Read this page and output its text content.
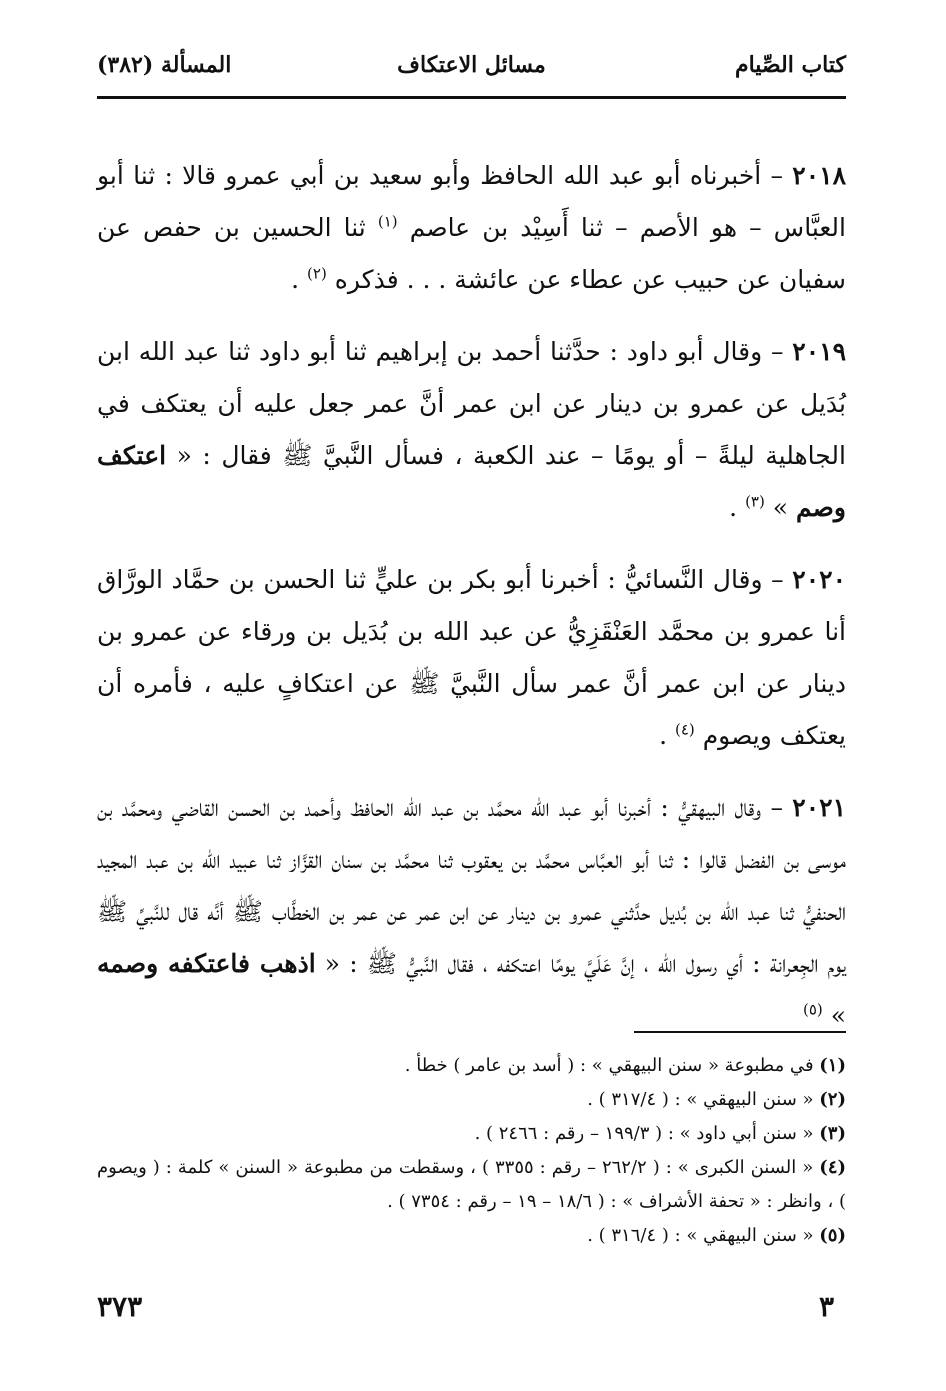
كتاب الصِّيام
مسائل الاعتكاف
المسألة (٣٨٢)

٢٠١٨ – أخبرناه أبو عبد الله الحافظ وأبو سعيد بن أبي عمرو قالا : ثنا أبو العبَّاس – هو الأصم – ثنا أَسِيْد بن عاصم $^{(١)}$ ثنا الحسين بن حفص عن سفيان عن حبيب عن عطاء عن عائشة . . . فذكره $^{(٢)}$ .

٢٠١٩ – وقال أبو داود : حدَّثنا أحمد بن إبراهيم ثنا أبو داود ثنا عبد الله ابن بُدَيل عن عمرو بن دينار عن ابن عمر أنَّ عمر جعل عليه أن يعتكف في الجاهلية ليلةً – أو يومًا – عند الكعبة ، فسأل النَّبيَّ ﷺ فقال : « اعتكف وصم » $^{(٣)}$ .

٢٠٢٠ – وقال النَّسائيُّ : أخبرنا أبو بكر بن عليٍّ ثنا الحسن بن حمَّاد الورَّاق أنا عمرو بن محمَّد العَنْقَزِيُّ عن عبد الله بن بُدَيل بن ورقاء عن عمرو بن دينار عن ابن عمر أنَّ عمر سأل النَّبيَّ ﷺ عن اعتكافٍ عليه ، فأمره أن يعتكف ويصوم $^{(٤)}$ .

٢٠٢١ – وقال البيهقيُّ : أخبرنا أبو عبد الله محمَّد بن عبد الله الحافظ وأحمد بن الحسن القاضي ومحمَّد بن موسى بن الفضل قالوا : ثنا أبو العبَّاس محمَّد بن يعقوب ثنا محمَّد بن سنان القزَّاز ثنا عبيد الله بن عبد المجيد الحنفيُّ ثنا عبد الله بن بُديل حدَّثني عمرو بن دينار عن ابن عمر عن عمر بن الخطَّاب ﷺ أنَّه قال للنَّبيِّ ﷺ يوم الجِعرانة : أي رسول الله ، إنَّ عَلَيَّ يومًا اعتكفه ، فقال النَّبيُّ ﷺ : « اذهب فاعتكفه وصمه » $^{(٥)}$

(١) في مطبوعة « سنن البيهقي » : ( أسد بن عامر ) خطأ .

(٢) « سنن البيهقي » : ( ٣١٧/٤ ) .

(٣) « سنن أبي داود » : ( ١٩٩/٣ – رقم : ٢٤٦٦ ) .

(٤) « السنن الكبرى » : ( ٢٦٢/٢ – رقم : ٣٣٥٥ ) ، وسقطت من مطبوعة « السنن » كلمة : ( ويصوم ) ، وانظر : « تحفة الأشراف » : ( ١٨/٦ – ١٩ – رقم : ٧٣٥٤ ) .

(٥) « سنن البيهقي » : ( ٣١٦/٤ ) .

٣
٣٧٣
